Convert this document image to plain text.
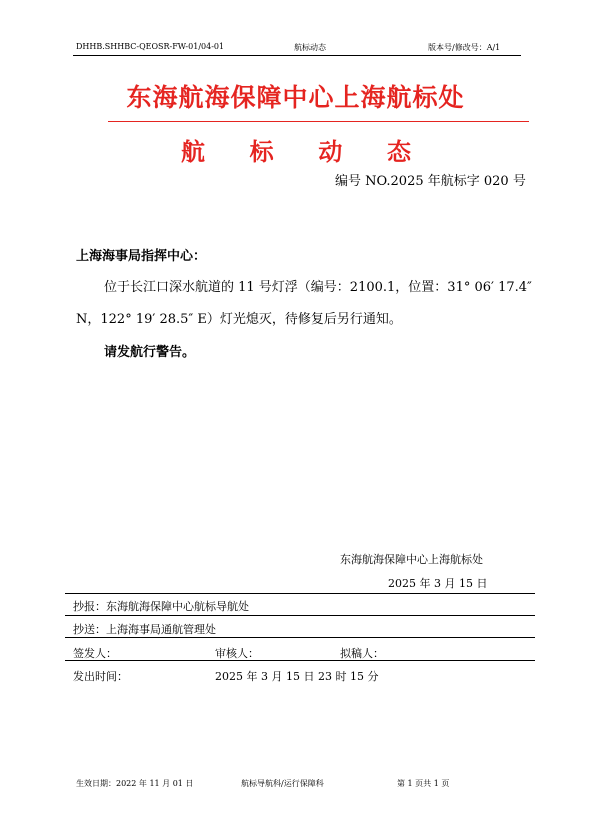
DHHB.SHHBC-QEOSR-FW-01/04-01	航标动态	版本号/修改号：A/1
东海航海保障中心上海航标处
航 标 动 态
编号 NO.2025 年航标字 020 号
上海海事局指挥中心：
位于长江口深水航道的 11 号灯浮（编号：2100.1，位置：31° 06′ 17.4″
N，122° 19′ 28.5″ E）灯光熄灭，待修复后另行通知。
请发航行警告。
东海航海保障中心上海航标处
2025 年 3 月 15 日
抄报：东海航海保障中心航标导航处
抄送：上海海事局通航管理处
签发人：	审核人：	拟稿人：
发出时间：	2025 年 3 月 15 日 23 时 15 分
生效日期：2022 年 11 月 01 日	航标导航科/运行保障科	第 1 页共 1 页
